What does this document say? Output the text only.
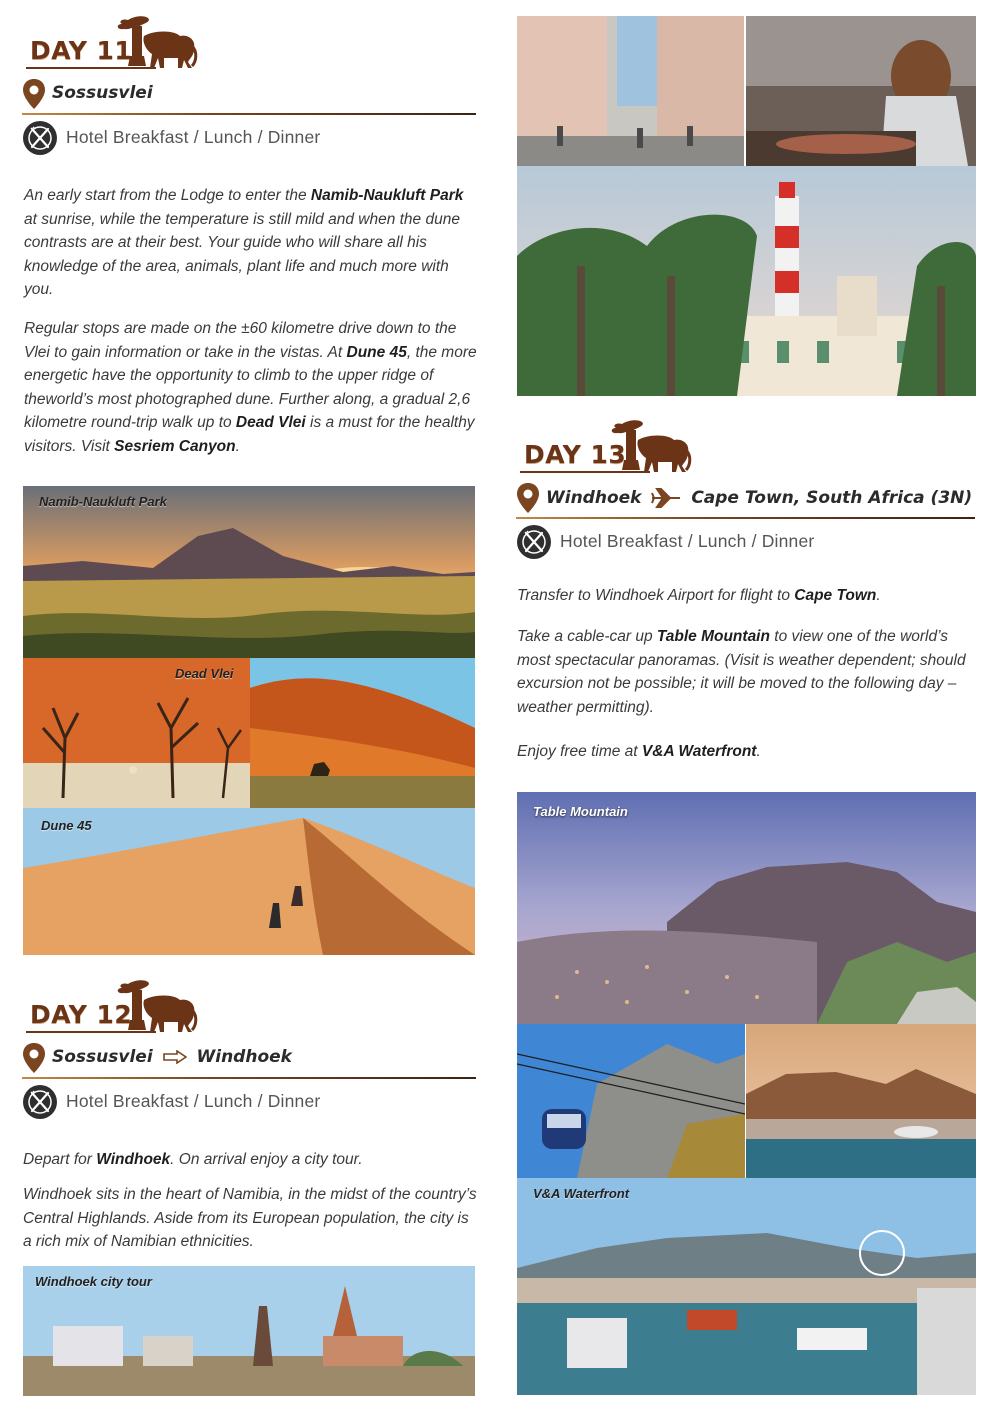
DAY 11
Sossusvlei
Hotel Breakfast / Lunch / Dinner

An early start from the Lodge to enter the Namib-Naukluft Park at sunrise, while the temperature is still mild and when the dune contrasts are at their best. Your guide who will share all his knowledge of the area, animals, plant life and much more with you.

Regular stops are made on the ±60 kilometre drive down to the Vlei to gain information or take in the vistas. At Dune 45, the more energetic have the opportunity to climb to the upper ridge of theworld’s most photographed dune. Further along, a gradual 2,6 kilometre round-trip walk up to Dead Vlei is a must for the healthy visitors. Visit Sesriem Canyon.

Namib-Naukluft Park
Dead Vlei
Dune 45
DAY 12
Sossusvlei	Windhoek
Hotel Breakfast / Lunch / Dinner

Depart for Windhoek. On arrival enjoy a city tour.

Windhoek sits in the heart of Namibia, in the midst of the country’s Central Highlands. Aside from its European population, the city is a rich mix of Namibian ethnicities.

Windhoek city tour
DAY 13
Windhoek	Cape Town, South Africa (3N)
Hotel Breakfast / Lunch / Dinner

Transfer to Windhoek Airport for flight to Cape Town.

Take a cable-car up Table Mountain to view one of the world’s most spectacular panoramas. (Visit is weather dependent; should excursion not be possible; it will be moved to the following day – weather permitting).

Enjoy free time at V&A Waterfront.

Table Mountain
V&A Waterfront
